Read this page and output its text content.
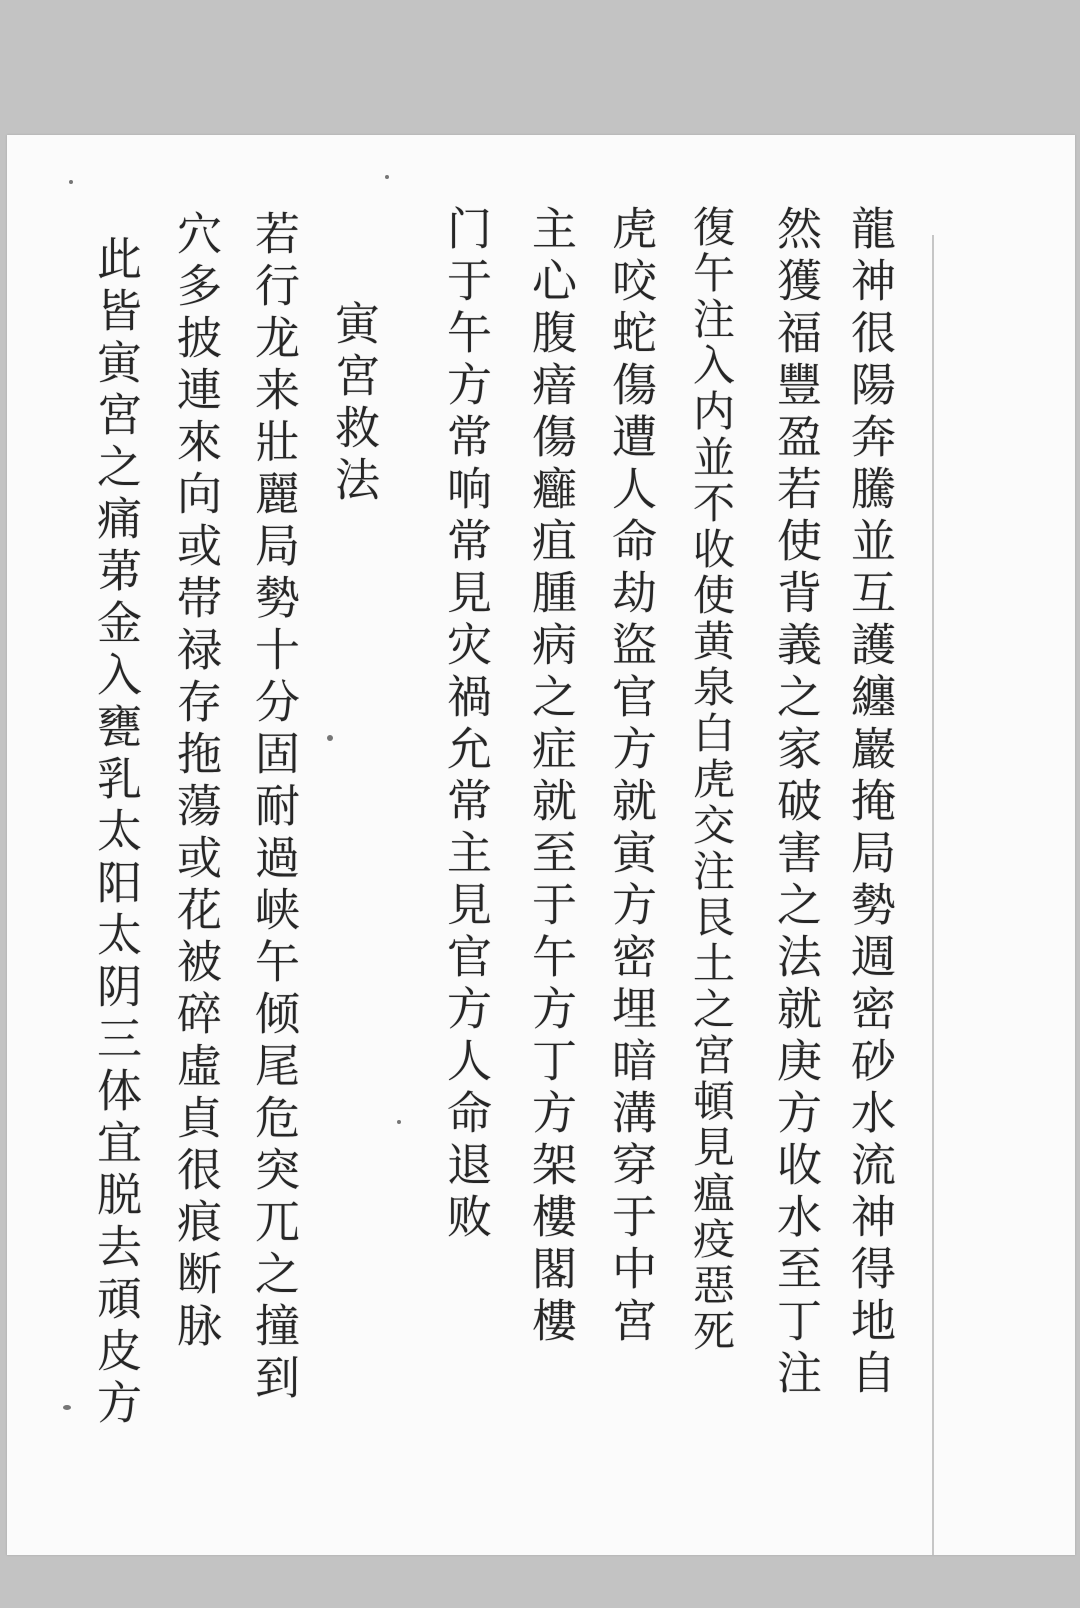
龍神很陽奔騰並互護纏巖掩局勢週密砂水流神得地自
然獲福豐盈若使背義之家破害之法就庚方收水至丁注
復午注入内並不收使黄泉白虎交注艮土之宮頓見瘟疫惡死
虎咬蛇傷遭人命劫盜官方就寅方密埋暗溝穿于中宮
主心腹瘖傷癰疽腫病之症就至于午方丁方架樓閣樓
门于午方常响常見灾禍允常主見官方人命退败
寅宮救法
若行龙来壯麗局勢十分固耐過峡午倾尾危突兀之撞到
穴多披連來向或帯禄存拖蕩或花被碎虛貞很痕断脉
此皆寅宮之痛苐金入甕乳太阳太阴三体宜脱去頑皮方
